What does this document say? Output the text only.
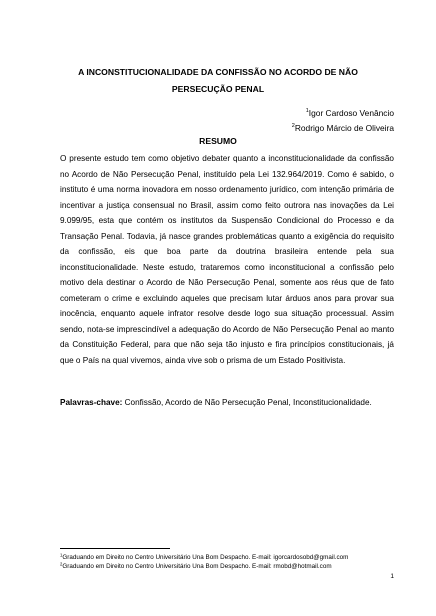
A INCONSTITUCIONALIDADE DA CONFISSÃO NO ACORDO DE NÃO PERSECUÇÃO PENAL
$^1$Igor Cardoso Venâncio
$^2$Rodrigo Márcio de Oliveira
RESUMO

O presente estudo tem como objetivo debater quanto a inconstitucionalidade da confissão no Acordo de Não Persecução Penal, instituído pela Lei 132.964/2019. Como é sabido, o instituto é uma norma inovadora em nosso ordenamento jurídico, com intenção primária de incentivar a justiça consensual no Brasil, assim como feito outrora nas inovações da Lei 9.099/95, esta que contém os institutos da Suspensão Condicional do Processo e da Transação Penal. Todavia, já nasce grandes problemáticas quanto a exigência do requisito da confissão, eis que boa parte da doutrina brasileira entende pela sua inconstitucionalidade. Neste estudo, trataremos como inconstitucional a confissão pelo motivo dela destinar o Acordo de Não Persecução Penal, somente aos réus que de fato cometeram o crime e excluindo aqueles que precisam lutar árduos anos para provar sua inocência, enquanto aquele infrator resolve desde logo sua situação processual. Assim sendo, nota-se imprescindível a adequação do Acordo de Não Persecução Penal ao manto da Constituição Federal, para que não seja tão injusto e fira princípios constitucionais, já que o País na qual vivemos, ainda vive sob o prisma de um Estado Positivista.

Palavras-chave: Confissão, Acordo de Não Persecução Penal, Inconstitucionalidade.

$^1$Graduando em Direito no Centro Universitário Una Bom Despacho. E-mail: igorcardosobd@gmail.com
$^2$Graduando em Direito no Centro Universitário Una Bom Despacho. E-mail: rmobd@hotmail.com
1
